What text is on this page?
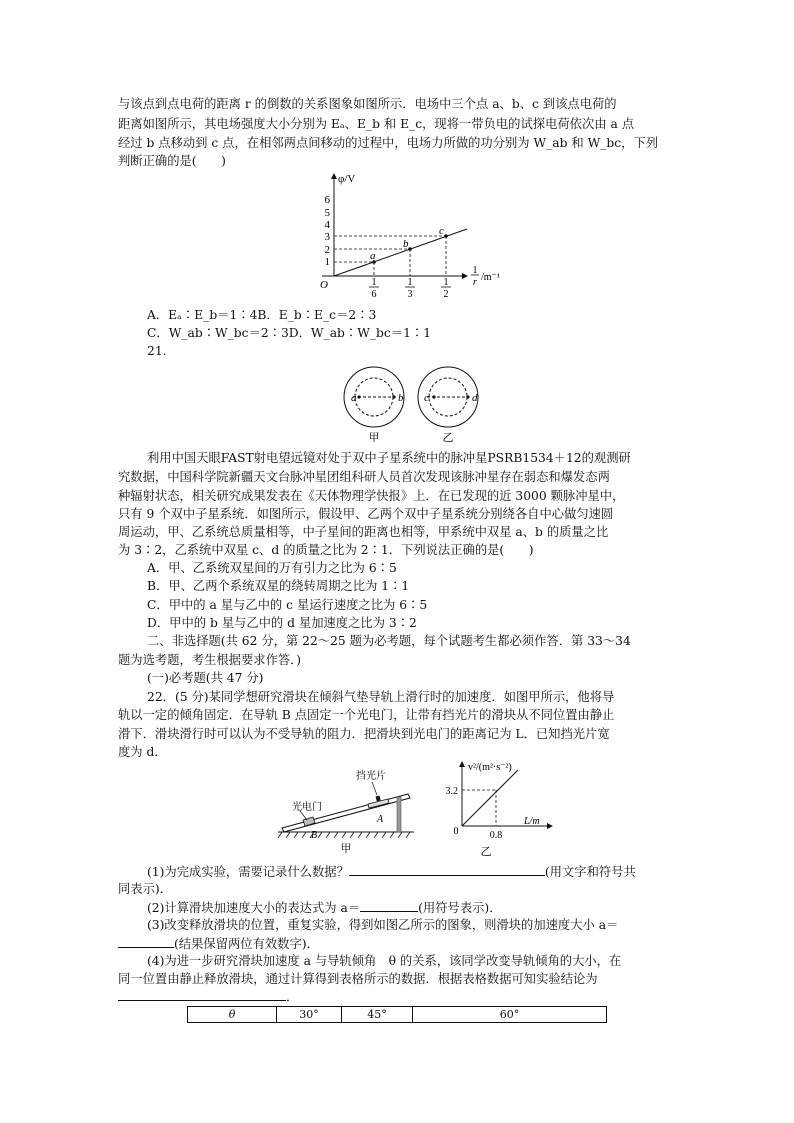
与该点到点电荷的距离 r 的倒数的关系图象如图所示．电场中三个点 a、b、c 到该点电荷的
距离如图所示，其电场强度大小分别为 Eₐ、E_b 和 E_c，现将一带负电的试探电荷依次由 a 点
经过 b 点移动到 c 点，在相邻两点间移动的过程中，电场力所做的功分别为 W_ab 和 W_bc，下列
判断正确的是(　　)
φ/V
1
2
3
4
5
6
O
a
b
c
1
6
1
3
1
2
1
r /m⁻¹
A．Eₐ∶E_b＝1∶4B．E_b∶E_c＝2∶3
C．W_ab∶W_bc＝2∶3D．W_ab∶W_bc＝1∶1
21.
a	b c	d
甲	乙
利用中国天眼FAST射电望远镜对处于双中子星系统中的脉冲星PSRB1534＋12的观测研
究数据，中国科学院新疆天文台脉冲星团组科研人员首次发现该脉冲星存在弱态和爆发态两
种辐射状态，相关研究成果发表在《天体物理学快报》上．在已发现的近 3000 颗脉冲星中，
只有 9 个双中子星系统．如图所示，假设甲、乙两个双中子星系统分别绕各自中心做匀速圆
周运动，甲、乙系统总质量相等，中子星间的距离也相等，甲系统中双星 a、b 的质量之比
为 3∶2，乙系统中双星 c、d 的质量之比为 2∶1．下列说法正确的是(　　)
A．甲、乙系统双星间的万有引力之比为 6∶5
B．甲、乙两个系统双星的绕转周期之比为 1∶1
C．甲中的 a 星与乙中的 c 星运行速度之比为 6∶5
D．甲中的 b 星与乙中的 d 星加速度之比为 3∶2
二、非选择题(共 62 分，第 22～25 题为必考题，每个试题考生都必须作答．第 33～34
题为选考题，考生根据要求作答．)
(一)必考题(共 47 分)
22．(5 分)某同学想研究滑块在倾斜气垫导轨上滑行时的加速度．如图甲所示，他将导
轨以一定的倾角固定．在导轨 B 点固定一个光电门，让带有挡光片的滑块从不同位置由静止
滑下．滑块滑行时可以认为不受导轨的阻力．把滑块到光电门的距离记为 L．已知挡光片宽
度为 d．
挡光片
光电门
A
B
甲
v²/(m²·s⁻²)
L/m
3.2
0.8
0
乙
(1)为完成实验，需要记录什么数据？	(用文字和符号共
同表示)．
(2)计算滑块加速度大小的表达式为 a＝	(用符号表示)．
(3)改变释放滑块的位置，重复实验，得到如图乙所示的图象，则滑块的加速度大小 a＝
(结果保留两位有效数字)．
(4)为进一步研究滑块加速度 a 与导轨倾角　θ 的关系，该同学改变导轨倾角的大小，在
同一位置由静止释放滑块，通过计算得到表格所示的数据．根据表格数据可知实验结论为
．
θ	30°	45°	60°
